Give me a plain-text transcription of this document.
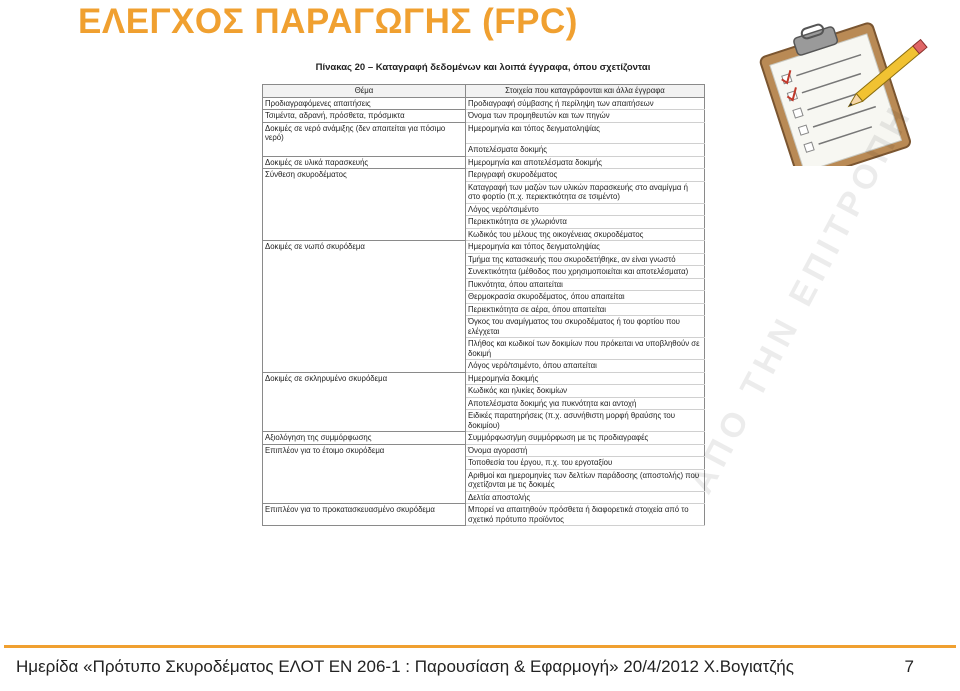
ΕΛΕΓΧΟΣ ΠΑΡΑΓΩΓΗΣ (FPC)
Πίνακας 20 – Καταγραφή δεδομένων και λοιπά έγγραφα, όπου σχετίζονται
Θέμα	Στοιχεία που καταγράφονται και άλλα έγγραφα
Προδιαγραφόμενες απαιτήσεις	Προδιαγραφή σύμβασης ή περίληψη των απαιτήσεων
Τσιμέντα, αδρανή, πρόσθετα, πρόσμικτα	Όνομα των προμηθευτών και των πηγών
Δοκιμές σε νερό ανάμιξης (δεν απαιτείται για πόσιμο νερό)	Ημερομηνία και τόπος δειγματοληψίας
	Αποτελέσματα δοκιμής
Δοκιμές σε υλικά παρασκευής	Ημερομηνία και αποτελέσματα δοκιμής
Σύνθεση σκυροδέματος	Περιγραφή σκυροδέματος
	Καταγραφή των μαζών των υλικών παρασκευής στο αναμίγμα ή στο φορτίο (π.χ. περιεκτικότητα σε τσιμέντο)
	Λόγος νερό/τσιμέντο
	Περιεκτικότητα σε χλωριόντα
	Κωδικός του μέλους της οικογένειας σκυροδέματος
Δοκιμές σε νωπό σκυρόδεμα	Ημερομηνία και τόπος δειγματοληψίας
	Τμήμα της κατασκευής που σκυροδετήθηκε, αν είναι γνωστό
	Συνεκτικότητα (μέθοδος που χρησιμοποιείται και αποτελέσματα)
	Πυκνότητα, όπου απαιτείται
	Θερμοκρασία σκυροδέματος, όπου απαιτείται
	Περιεκτικότητα σε αέρα, όπου απαιτείται
	Όγκος του αναμίγματος του σκυροδέματος ή του φορτίου που ελέγχεται
	Πλήθος και κωδικοί των δοκιμίων που πρόκειται να υποβληθούν σε δοκιμή
	Λόγος νερό/τσιμέντο, όπου απαιτείται
Δοκιμές σε σκληρυμένο σκυρόδεμα	Ημερομηνία δοκιμής
	Κωδικός και ηλικίες δοκιμίων
	Αποτελέσματα δοκιμής για πυκνότητα και αντοχή
	Ειδικές παρατηρήσεις (π.χ. ασυνήθιστη μορφή θραύσης του δοκιμίου)
Αξιολόγηση της συμμόρφωσης	Συμμόρφωση/μη συμμόρφωση με τις προδιαγραφές
Επιπλέον για το έτοιμο σκυρόδεμα	Όνομα αγοραστή
	Τοποθεσία του έργου, π.χ. του εργοταξίου
	Αριθμοί και ημερομηνίες των δελτίων παράδοσης (αποστολής) που σχετίζονται με τις δοκιμές
	Δελτία αποστολής
Επιπλέον για το προκατασκευασμένο σκυρόδεμα	Μπορεί να απαιτηθούν πρόσθετα ή διαφορετικά στοιχεία από το σχετικό πρότυπο προϊόντος
ΑΠΟ ΤΗΝ ΕΠΙΤΡΟΠΗ
Ημερίδα «Πρότυπο Σκυροδέματος ΕΛΟΤ ΕΝ 206-1 : Παρουσίαση & Εφαρμογή» 20/4/2012 Χ.Βογιατζής	7
